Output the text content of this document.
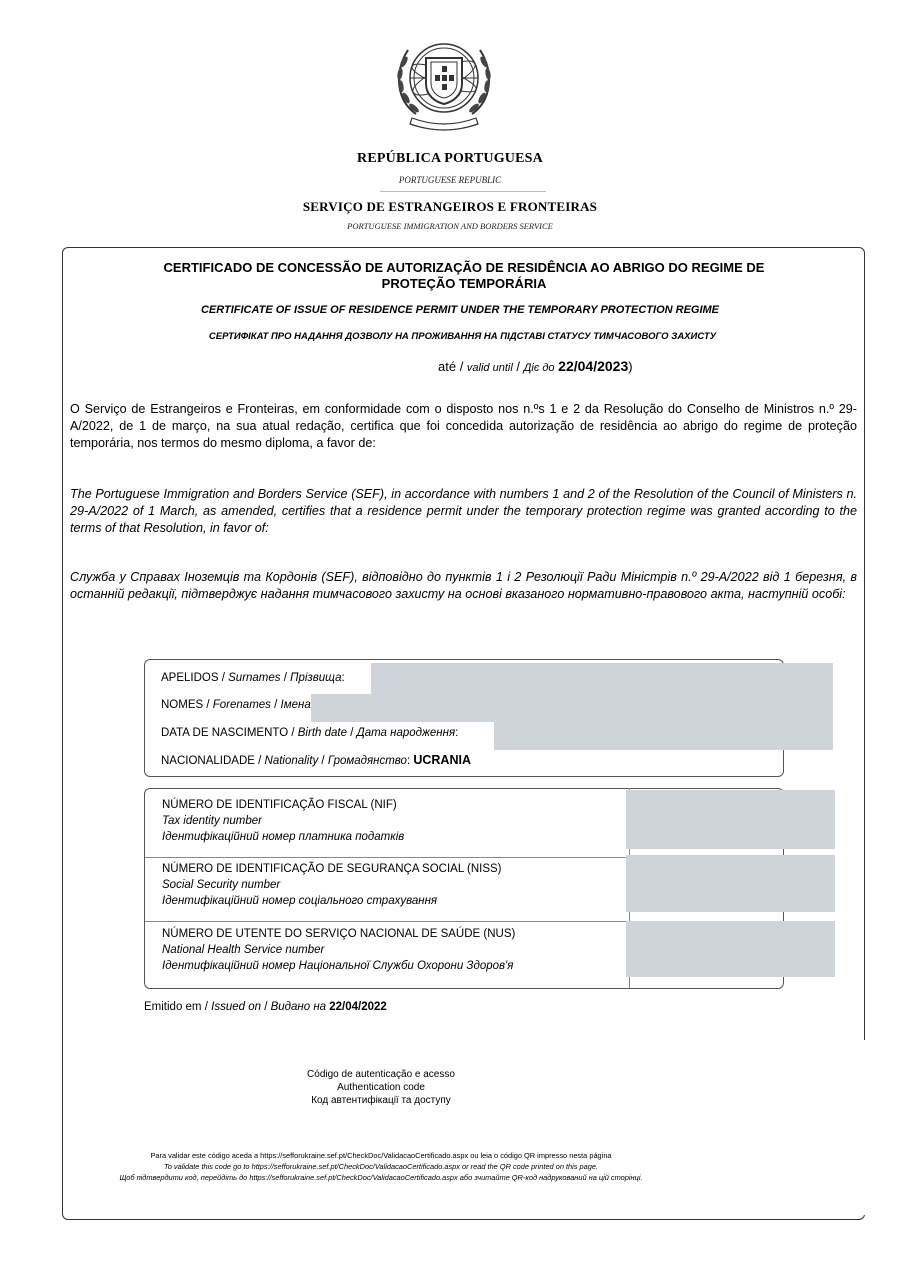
REPÚBLICA PORTUGUESA
PORTUGUESE REPUBLIC
SERVIÇO DE ESTRANGEIROS E FRONTEIRAS
PORTUGUESE IMMIGRATION AND BORDERS SERVICE
CERTIFICADO DE CONCESSÃO DE AUTORIZAÇÃO DE RESIDÊNCIA AO ABRIGO DO REGIME DE PROTEÇÃO TEMPORÁRIA
CERTIFICATE OF ISSUE OF RESIDENCE PERMIT UNDER THE TEMPORARY PROTECTION REGIME
СЕРТИФІКАТ ПРО НАДАННЯ ДОЗВОЛУ НА ПРОЖИВАННЯ НА ПІДСТАВІ СТАТУСУ ТИМЧАСОВОГО ЗАХИСТУ
até / valid until / Діє до 22/04/2023)
O Serviço de Estrangeiros e Fronteiras, em conformidade com o disposto nos n.ºs 1 e 2 da Resolução do Conselho de Ministros n.º 29-A/2022, de 1 de março, na sua atual redação, certifica que foi concedida autorização de residência ao abrigo do regime de proteção temporária, nos termos do mesmo diploma, a favor de:
The Portuguese Immigration and Borders Service (SEF), in accordance with numbers 1 and 2 of the Resolution of the Council of Ministers n. 29-A/2022 of 1 March, as amended, certifies that a residence permit under the temporary protection regime was granted according to the terms of that Resolution, in favor of:
Служба у Справах Іноземців та Кордонів (SEF), відповідно до пунктів 1 і 2 Резолюції Ради Міністрів n.º 29-A/2022 від 1 березня, в останній редакції, підтверджує надання тимчасового захисту на основі вказаного нормативно-правового акта, наступній особі:
APELIDOS / Surnames / Прізвища:
NOMES / Forenames / Імена
DATA DE NASCIMENTO / Birth date / Дата народження:
NACIONALIDADE / Nationality / Громадянство: UCRANIA
NÚMERO DE IDENTIFICAÇÃO FISCAL (NIF)
Tax identity number
Ідентифікаційний номер платника податків
NÚMERO DE IDENTIFICAÇÃO DE SEGURANÇA SOCIAL (NISS)
Social Security number
Ідентифікаційний номер соціального страхування
NÚMERO DE UTENTE DO SERVIÇO NACIONAL DE SAÚDE (NUS)
National Health Service number
Ідентифікаційний номер Національної Служби Охорони Здоров'я
Emitido em / Issued on / Видано на 22/04/2022
Código de autenticação e acesso
Authentication code
Код автентифікації та доступу
Para validar este código aceda a https://sefforukraine.sef.pt/CheckDoc/ValidacaoCertificado.aspx ou leia o código QR impresso nesta página
To validate this code go to https://sefforukraine.sef.pt/CheckDoc/ValidacaoCertificado.aspx or read the QR code printed on this page.
Щоб підтвердити код, перейдіть до https://sefforukraine.sef.pt/CheckDoc/ValidacaoCertificado.aspx або зчитайте QR-код надрукований на цій сторінці.
